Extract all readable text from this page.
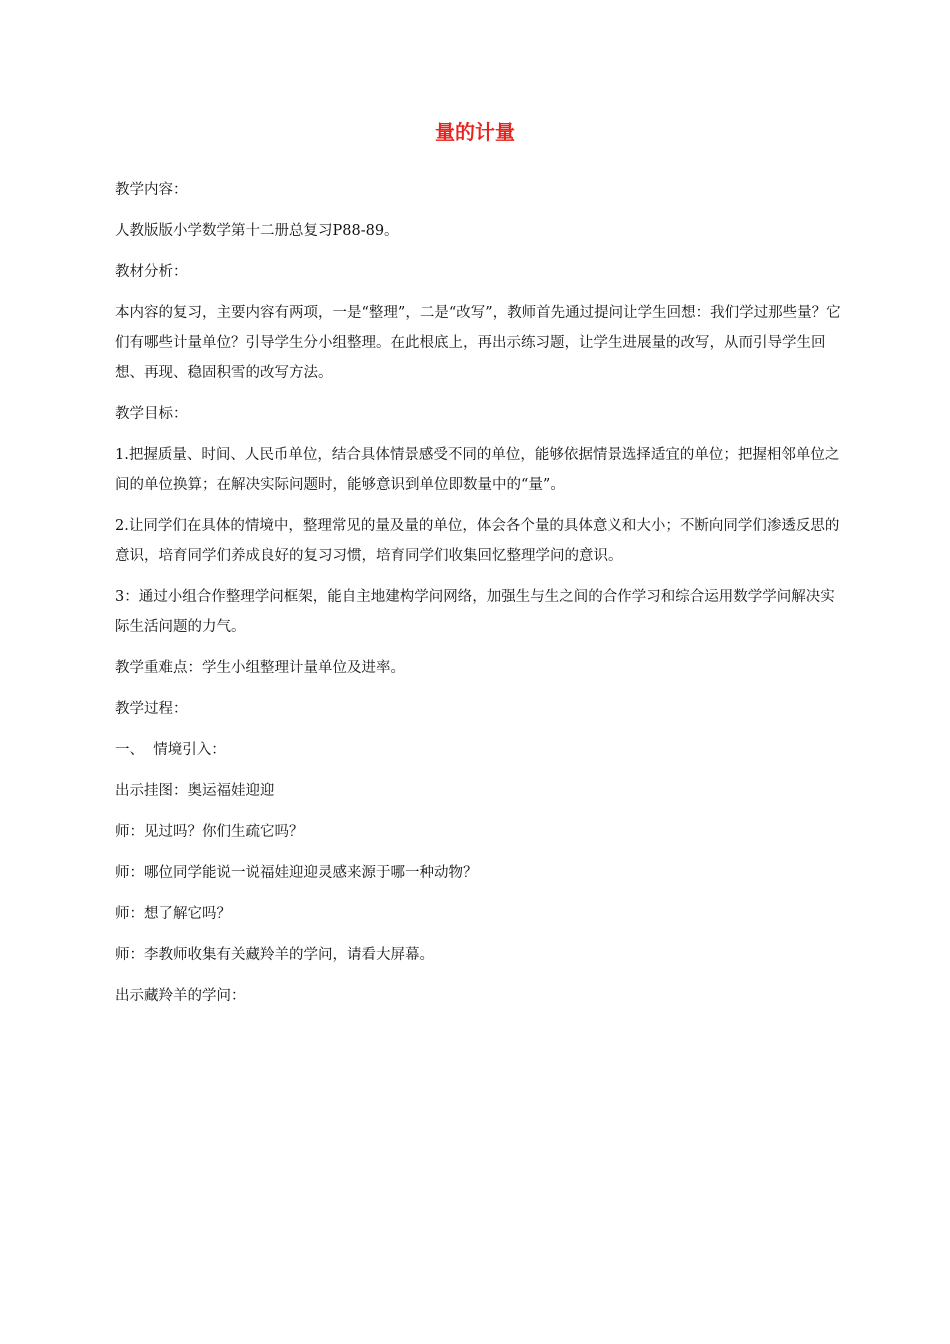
量的计量

教学内容：

人教版版小学数学第十二册总复习P88-89。

教材分析：

本内容的复习，主要内容有两项，一是“整理”，二是“改写”，教师首先通过提问让学生回想：我们学过那些量？它们有哪些计量单位？引导学生分小组整理。在此根底上，再出示练习题，让学生进展量的改写，从而引导学生回想、再现、稳固积雪的改写方法。

教学目标：

1.把握质量、时间、人民币单位，结合具体情景感受不同的单位，能够依据情景选择适宜的单位；把握相邻单位之间的单位换算；在解决实际问题时，能够意识到单位即数量中的“量”。

2.让同学们在具体的情境中，整理常见的量及量的单位，体会各个量的具体意义和大小；不断向同学们渗透反思的意识，培育同学们养成良好的复习习惯，培育同学们收集回忆整理学问的意识。

3：通过小组合作整理学问框架，能自主地建构学问网络，加强生与生之间的合作学习和综合运用数学学问解决实际生活问题的力气。

教学重难点：学生小组整理计量单位及进率。

教学过程：

一、  情境引入：

出示挂图：奥运福娃迎迎

师：见过吗？你们生疏它吗？

师：哪位同学能说一说福娃迎迎灵感来源于哪一种动物？

师：想了解它吗？

师：李教师收集有关藏羚羊的学问，请看大屏幕。

出示藏羚羊的学问：
